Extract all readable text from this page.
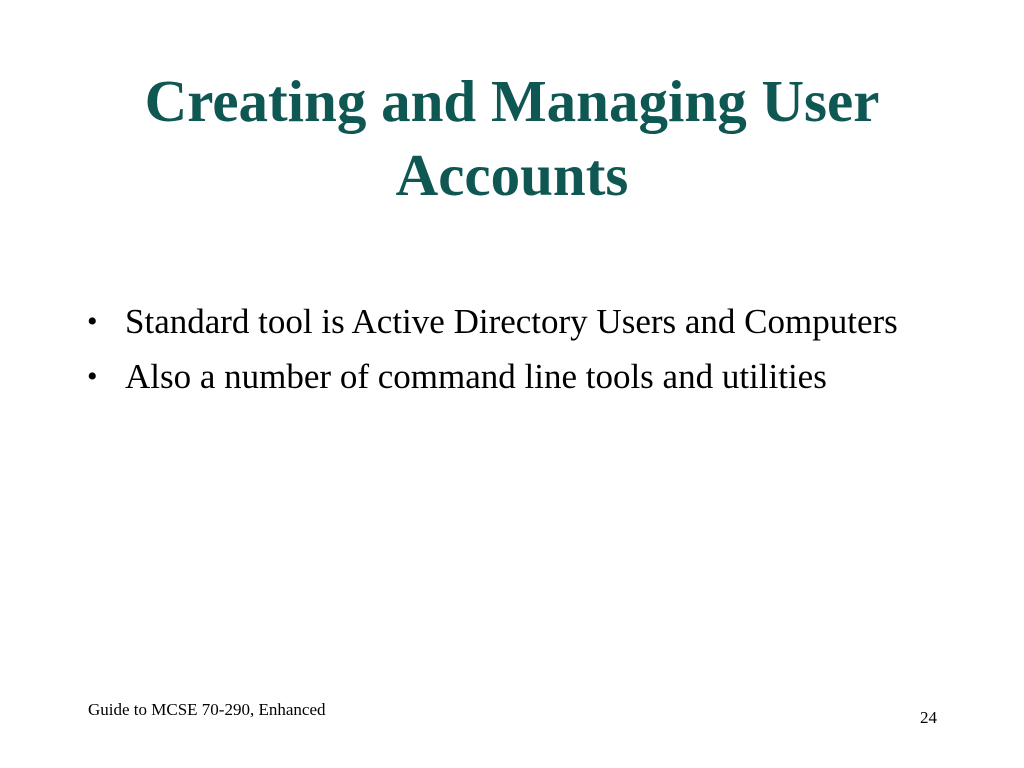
Creating and Managing User Accounts
• Standard tool is Active Directory Users and Computers
• Also a number of command line tools and utilities
Guide to MCSE 70-290, Enhanced	24
